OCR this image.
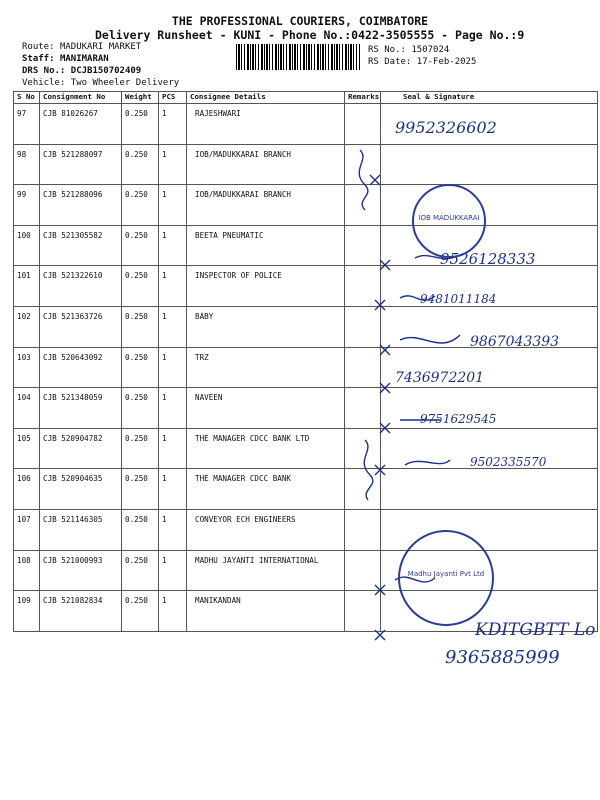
THE PROFESSIONAL COURIERS, COIMBATORE
Delivery Runsheet - KUNI - Phone No.:0422-3505555 - Page No.:9
Route: MADUKARI MARKET
Staff: MANIMARAN
DRS No.: DCJB150702409
Vehicle: Two Wheeler Delivery
RS No.: 1507024
RS Date: 17-Feb-2025
S No	Consignment No	Weight	PCS	Consignee Details	Remarks	Seal & Signature
97	CJB 81026267	0.250	1	RAJESHWARI		
98	CJB 521288097	0.250	1	IOB/MADUKKARAI BRANCH		
99	CJB 521288096	0.250	1	IOB/MADUKKARAI BRANCH		
100	CJB 521305582	0.250	1	BEETA PNEUMATIC		
101	CJB 521322610	0.250	1	INSPECTOR OF POLICE		
102	CJB 521363726	0.250	1	BABY		
103	CJB 520643092	0.250	1	TRZ		
104	CJB 521348059	0.250	1	NAVEEN		
105	CJB 520904782	0.250	1	THE MANAGER CDCC BANK LTD		
106	CJB 520904635	0.250	1	THE MANAGER CDCC BANK		
107	CJB 521146305	0.250	1	CONVEYOR ECH ENGINEERS		
108	CJB 521000993	0.250	1	MADHU JAYANTI INTERNATIONAL		
109	CJB 521082834	0.250	1	MANIKANDAN		
9952326602
9526128333
9481011184
9867043393
7436972201
9751629545
9502335570
KDITGBTT Lo
9365885999
IOB MADUKKARAI
Madhu Jayanti Pvt Ltd
